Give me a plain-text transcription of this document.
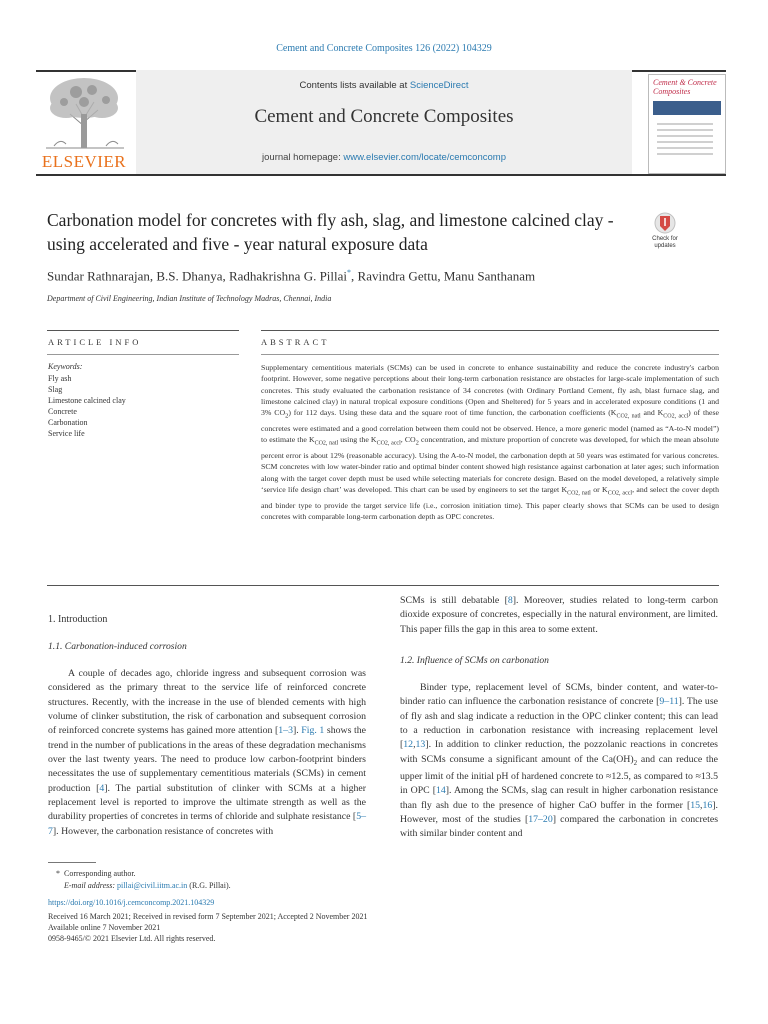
Cement and Concrete Composites 126 (2022) 104329
ELSEVIER
Contents lists available at ScienceDirect
Cement and Concrete Composites
journal homepage: www.elsevier.com/locate/cemconcomp
Cement & Concrete Composites
Carbonation model for concretes with fly ash, slag, and limestone calcined clay - using accelerated and five - year natural exposure data	Check for updates
Sundar Rathnarajan, B.S. Dhanya, Radhakrishna G. Pillai*, Ravindra Gettu, Manu Santhanam
Department of Civil Engineering, Indian Institute of Technology Madras, Chennai, India
ARTICLE INFO	ABSTRACT
Keywords:
Fly ash
Slag
Limestone calcined clay
Concrete
Carbonation
Service life
Supplementary cementitious materials (SCMs) can be used in concrete to enhance sustainability and reduce the concrete industry's carbon footprint. However, some negative perceptions about their long-term carbonation resistance are obstacles for large-scale implementation of such concretes. This study evaluated the carbonation resistance of 34 concretes (with Ordinary Portland Cement, fly ash, blast furnace slag, and limestone calcined clay) in natural tropical exposure conditions (Open and Sheltered) for 5 years and in accelerated exposure conditions (1 and 3% $CO_2$) for 112 days. Using these data and the square root of time function, the carbonation coefficients ($K_{CO2, natl}$ and $K_{CO2, accl}$) of these concretes were estimated and a good correlation between them could not be observed. Hence, a more generic model (named as “A-to-N model”) to estimate the $K_{CO2, natl}$ using the $K_{CO2, accl}$, $CO_2$ concentration, and mixture proportion of concrete was developed, for which the mean absolute percent error is about 12% (reasonable accuracy). Using the A-to-N model, the carbonation depth at 50 years was estimated for various concretes. SCM concretes with low water-binder ratio and optimal binder content showed high resistance against carbonation at later ages; such information along with the target cover depth must be used while selecting materials for concrete design. Based on the model developed, a relatively simple ‘service life design chart’ was developed. This chart can be used by engineers to set the target $K_{CO2, natl}$ or $K_{CO2, accl}$, and select the cover depth and binder type to provide the target service life (i.e., corrosion initiation time). This paper clearly shows that SCMs can be used to design concretes with comparable long-term carbonation depth as OPC concretes.
1. Introduction
1.1. Carbonation-induced corrosion
A couple of decades ago, chloride ingress and subsequent corrosion was considered as the primary threat to the service life of reinforced concrete structures. Recently, with the increase in the use of blended cements with high volume of clinker substitution, the risk of carbonation and subsequent corrosion of reinforced concrete systems has gained more attention [1–3]. Fig. 1 shows the trend in the number of publications in the areas of these degradation mechanisms over the last twenty years. The need to produce low carbon-footprint binders necessitates the use of supplementary cementitious materials (SCMs) in cement production [4]. The partial substitution of clinker with SCMs at a higher replacement level is reported to improve the ultimate strength as well as the durability properties of concretes in terms of chloride and sulphate resistance [5–7]. However, the carbonation resistance of concretes with
SCMs is still debatable [8]. Moreover, studies related to long-term carbon dioxide exposure of concretes, especially in the natural environment, are limited. This paper fills the gap in this area to some extent.
1.2. Influence of SCMs on carbonation
Binder type, replacement level of SCMs, binder content, and water-to-binder ratio can influence the carbonation resistance of concrete [9–11]. The use of fly ash and slag indicate a reduction in the OPC clinker content; this can lead to a reduction in carbonation resistance with increasing replacement level [12,13]. In addition to clinker reduction, the pozzolanic reactions in concretes with SCMs consume a significant amount of the $Ca(OH)_2$ and can reduce the upper limit of the initial pH of hardened concrete to ≈12.5, as compared to ≈13.5 in OPC [14]. Among the SCMs, slag can result in higher carbonation resistance than fly ash due to the presence of higher CaO buffer in the former [15,16]. However, most of the studies [17–20] compared the carbonation in concretes with similar binder content and
* Corresponding author.
E-mail address: pillai@civil.iitm.ac.in (R.G. Pillai).
https://doi.org/10.1016/j.cemconcomp.2021.104329
Received 16 March 2021; Received in revised form 7 September 2021; Accepted 2 November 2021
Available online 7 November 2021
0958-9465/© 2021 Elsevier Ltd. All rights reserved.
